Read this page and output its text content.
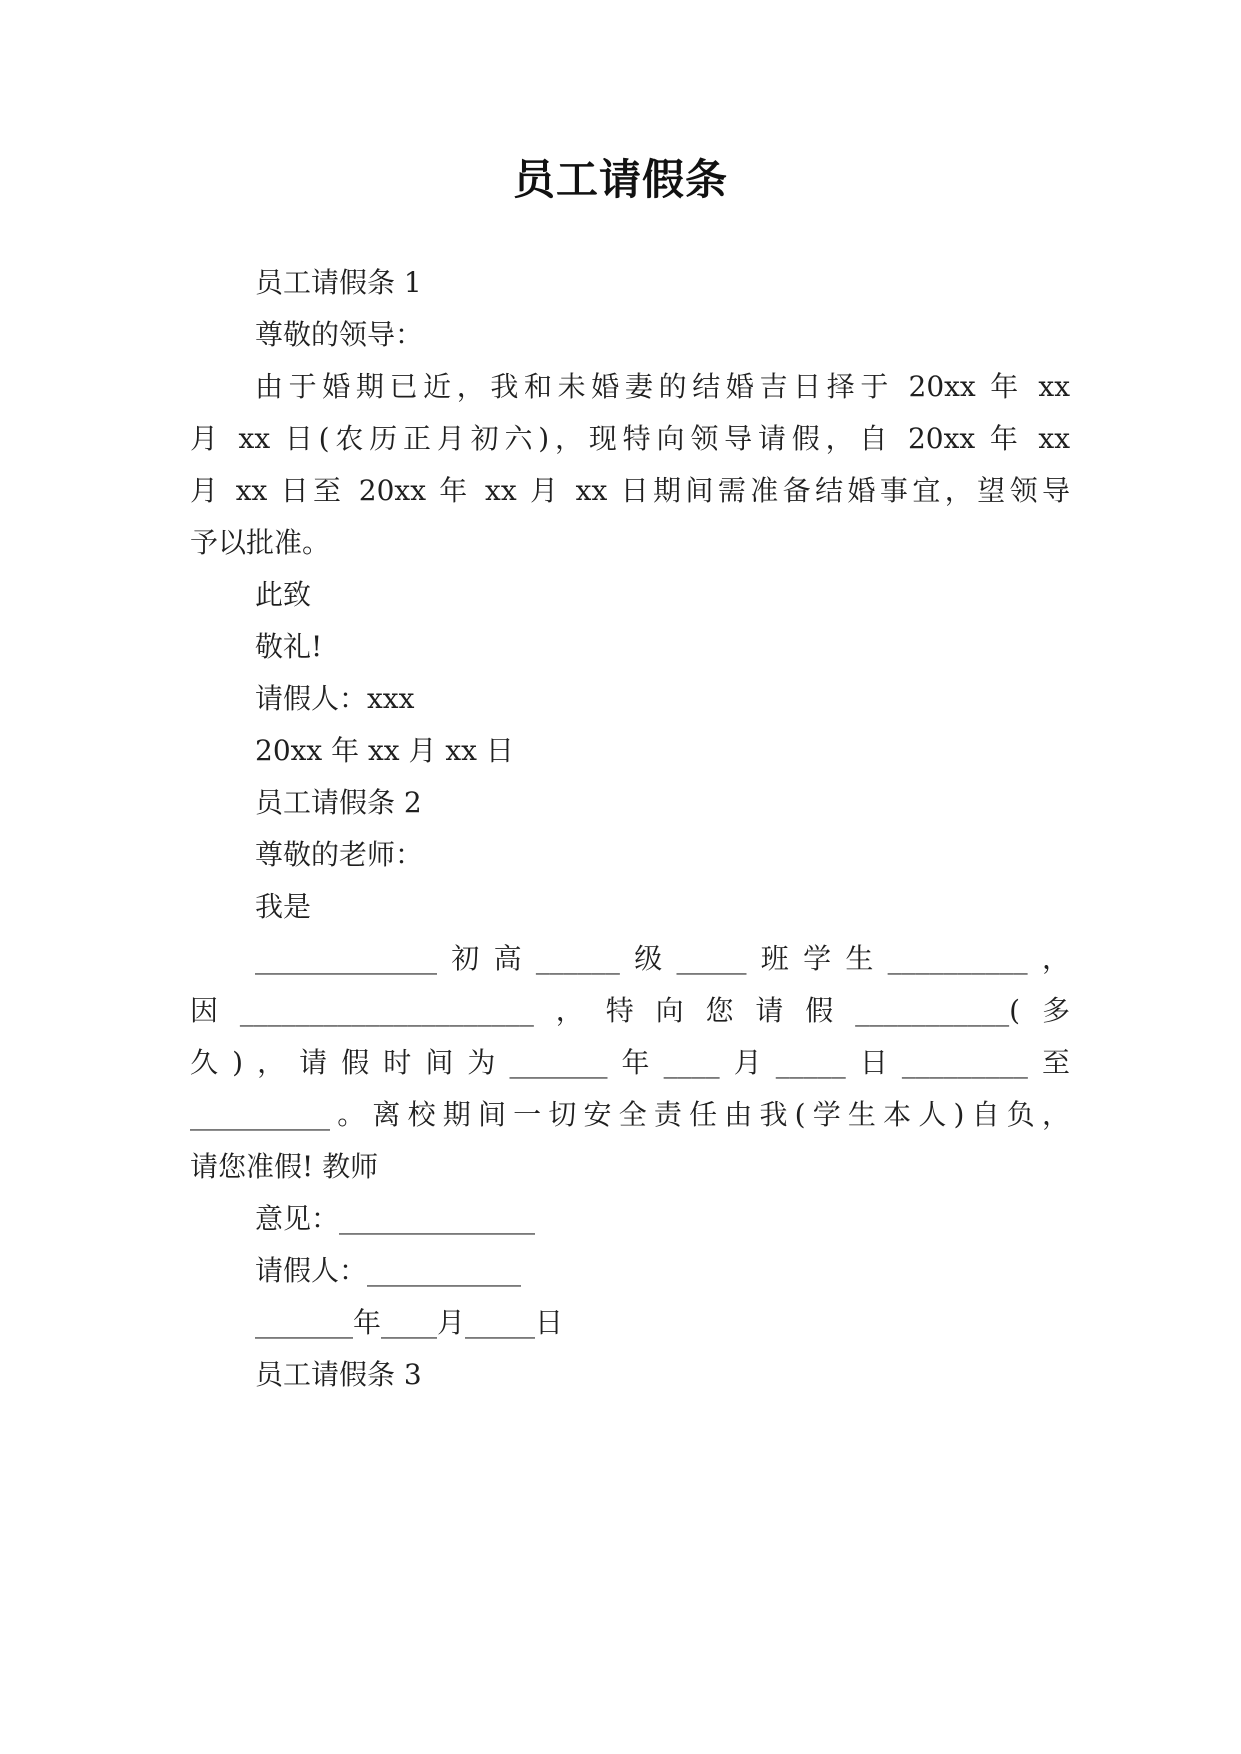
员工请假条
员工请假条 1
尊敬的领导：
由于婚期已近，我和未婚妻的结婚吉日择于 20xx 年 xx
月 xx 日(农历正月初六)，现特向领导请假，自 20xx 年 xx
月 xx 日至 20xx 年 xx 月 xx 日期间需准备结婚事宜，望领导
予以批准。
此致
敬礼!
请假人：xxx
20xx 年 xx 月 xx 日
员工请假条 2
尊敬的老师：
我是
_____________初高______级_____班学生__________，
因_____________________，特向您请假___________(多
久)，请假时间为_______年____月_____日_________至
__________。离校期间一切安全责任由我(学生本人)自负，
请您准假! 教师
意见：______________
请假人：___________
_______年____月_____日
员工请假条 3
